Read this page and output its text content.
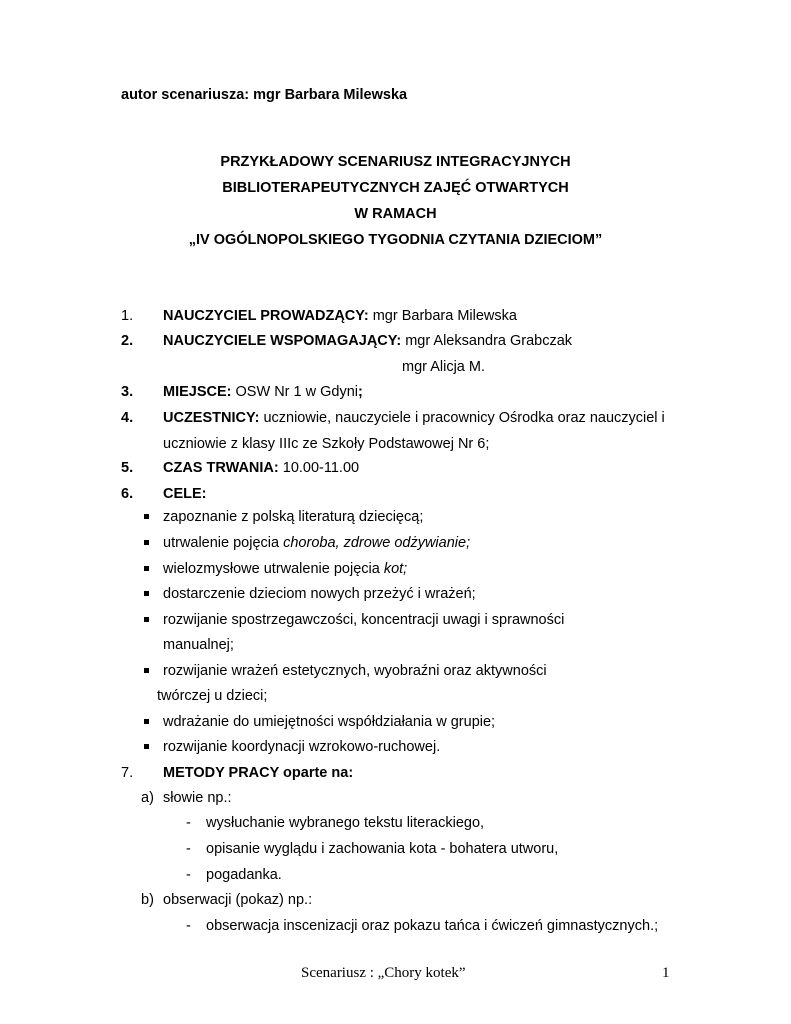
autor scenariusza: mgr Barbara Milewska
PRZYKŁADOWY SCENARIUSZ INTEGRACYJNYCH
BIBLIOTERAPEUTYCZNYCH ZAJĘĆ OTWARTYCH
W RAMACH
„IV OGÓLNOPOLSKIEGO TYGODNIA CZYTANIA DZIECIOM”
1. NAUCZYCIEL PROWADZĄCY: mgr Barbara Milewska
2. NAUCZYCIELE WSPOMAGAJĄCY: mgr Aleksandra Grabczak
mgr Alicja M.
3. MIEJSCE: OSW Nr 1 w Gdyni;
4. UCZESTNICY: uczniowie, nauczyciele i pracownicy Ośrodka oraz nauczyciel i
uczniowie z klasy IIIc ze Szkoły Podstawowej Nr 6;
5. CZAS TRWANIA: 10.00-11.00
6. CELE:
zapoznanie z polską literaturą dziecięcą;
utrwalenie pojęcia choroba, zdrowe odżywianie;
wielozmysłowe utrwalenie pojęcia kot;
dostarczenie dzieciom nowych przeżyć i wrażeń;
rozwijanie spostrzegawczości, koncentracji uwagi i sprawności
manualnej;
rozwijanie wrażeń estetycznych, wyobraźni oraz aktywności
twórczej u dzieci;
wdrażanie do umiejętności współdziałania w grupie;
rozwijanie koordynacji wzrokowo-ruchowej.
7. METODY PRACY oparte na:
a) słowie np.:
- wysłuchanie wybranego tekstu literackiego,
- opisanie wyglądu i zachowania kota - bohatera utworu,
- pogadanka.
b) obserwacji (pokaz) np.:
- obserwacja inscenizacji oraz pokazu tańca i ćwiczeń gimnastycznych.;
Scenariusz : „Chory kotek”	1
